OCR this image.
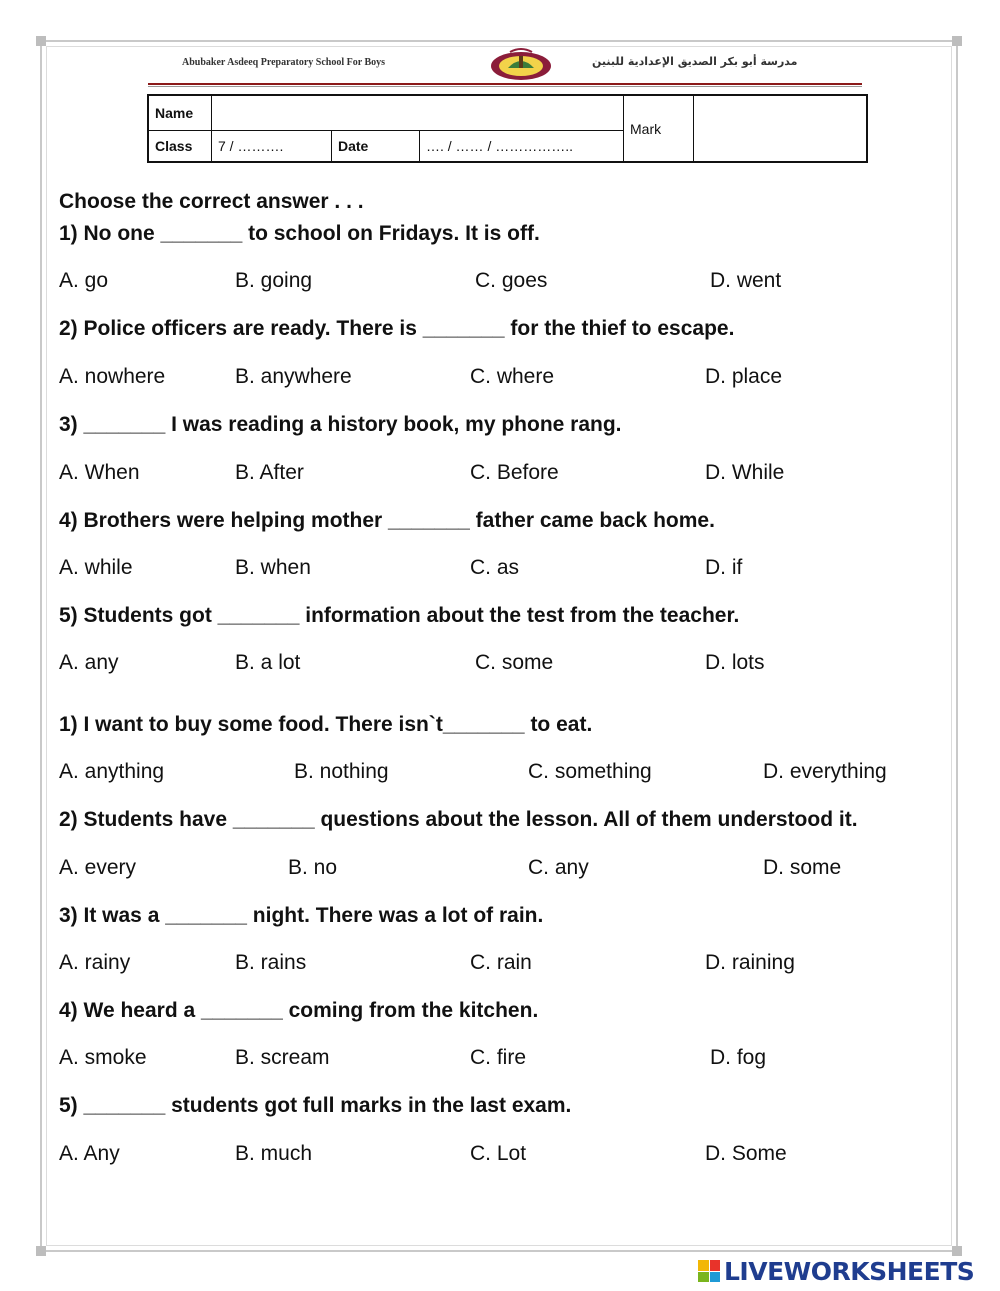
Abubaker Asdeeq Preparatory School For Boys	مدرسة أبو بكر الصديق الإعدادية للبنين
Name				Mark	
Class	7 / ……….	Date	…. / …… / ……………..		
Choose the correct answer . . .
1) No one _______ to school on Fridays. It is off.
A. go	B. going	C. goes	D. went
2) Police officers are ready. There is _______ for the thief to escape.
A. nowhere	B. anywhere	C. where	D. place
3) _______ I was reading a history book, my phone rang.
A. When	B. After	C. Before	D. While
4) Brothers were helping mother _______ father came back home.
A. while	B. when	C. as	D. if
5) Students got _______ information about the test from the teacher.
A. any	B. a lot	C. some	D. lots
1) I want to buy some food. There isn`t_______ to eat.
A. anything	B. nothing	C. something	D. everything
2) Students have _______ questions about the lesson. All of them understood it.
A. every	B. no	C. any	D. some
3) It was a _______ night. There was a lot of rain.
A. rainy	B. rains	C. rain	D. raining
4) We heard a _______ coming from the kitchen.
A. smoke	B. scream	C. fire	D. fog
5) _______ students got full marks in the last exam.
A. Any	B. much	C. Lot	D. Some
LIVEWORKSHEETS
